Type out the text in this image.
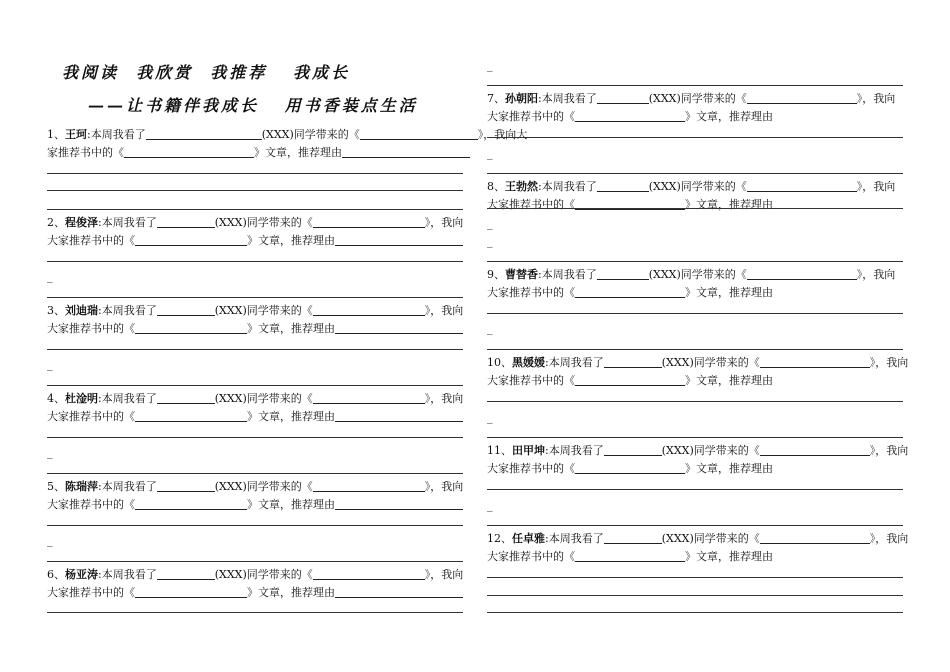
我阅读  我欣赏  我推荐   我成长
——让书籍伴我成长   用书香装点生活
1、王珂:本周我看了	(XXX)同学带来的《	》，我向大
家推荐书中的《	》文章，推荐理由
2、程俊泽:本周我看了	(XXX)同学带来的《	》，我向
大家推荐书中的《	》文章，推荐理由
_
3、刘迪瑞:本周我看了	(XXX)同学带来的《	》，我向
大家推荐书中的《	》文章，推荐理由
_
4、杜淦明:本周我看了	(XXX)同学带来的《	》，我向
大家推荐书中的《	》文章，推荐理由
_
5、陈瑞萍:本周我看了	(XXX)同学带来的《	》，我向
大家推荐书中的《	》文章，推荐理由
_
6、杨亚涛:本周我看了	(XXX)同学带来的《	》，我向
大家推荐书中的《	》文章，推荐理由
7、孙朝阳:本周我看了	(XXX)同学带来的《	》，我向
大家推荐书中的《	》文章，推荐理由
_
8、王勃然:本周我看了	(XXX)同学带来的《	》，我向
大家推荐书中的《	》文章，推荐理由
_
_
9、曹替香:本周我看了	(XXX)同学带来的《	》，我向
大家推荐书中的《	》文章，推荐理由
_
10、黑媛媛:本周我看了	(XXX)同学带来的《	》，我向
大家推荐书中的《	》文章，推荐理由
_
11、田甲坤:本周我看了	(XXX)同学带来的《	》，我向
大家推荐书中的《	》文章，推荐理由
_
12、任卓雅:本周我看了	(XXX)同学带来的《	》，我向
大家推荐书中的《	》文章，推荐理由
_
